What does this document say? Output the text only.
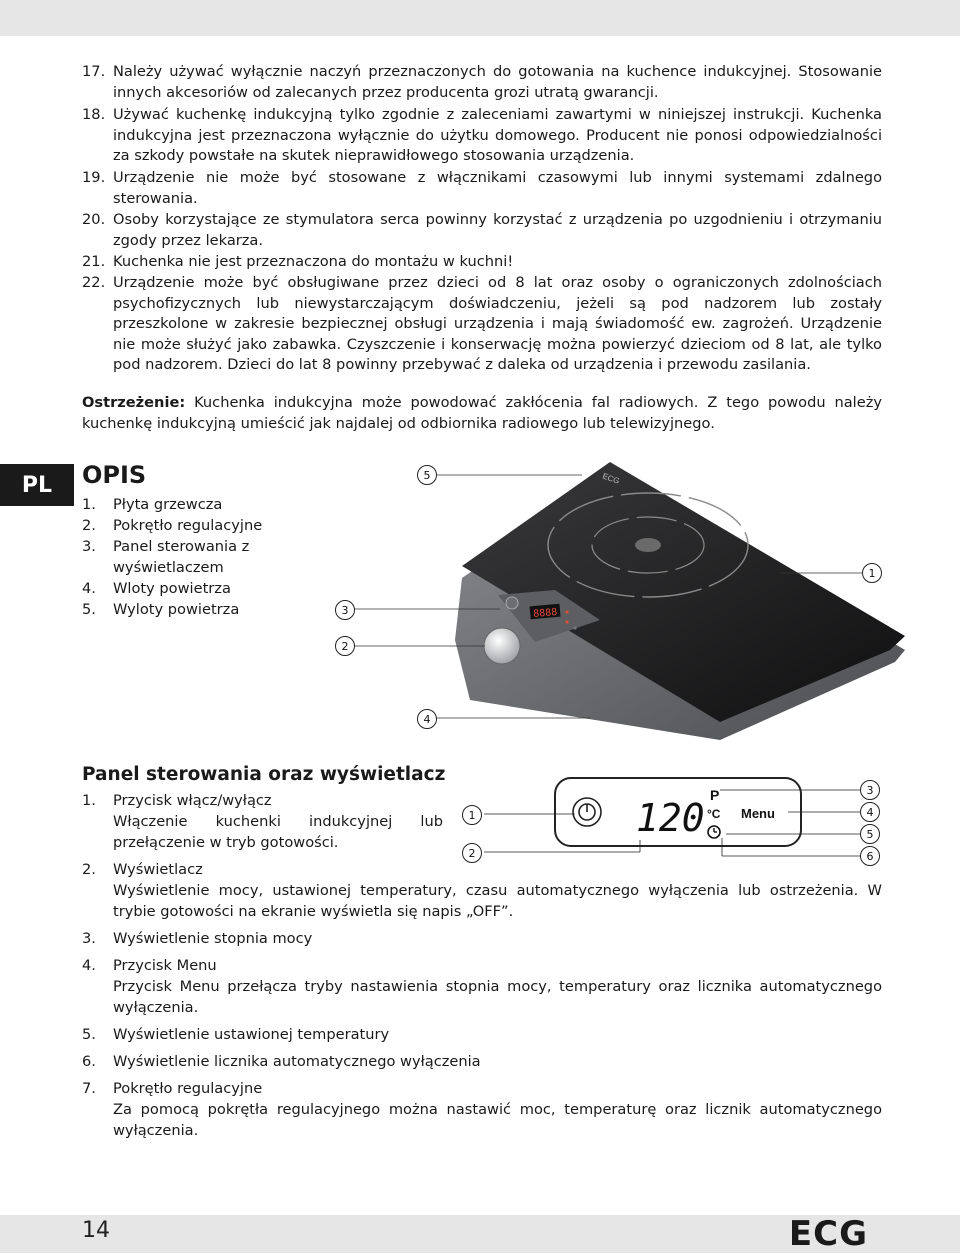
17. Należy używać wyłącznie naczyń przeznaczonych do gotowania na kuchence indukcyjnej. Stosowanie innych akcesoriów od zalecanych przez producenta grozi utratą gwarancji.
18. Używać kuchenkę indukcyjną tylko zgodnie z zaleceniami zawartymi w niniejszej instrukcji. Kuchenka indukcyjna jest przeznaczona wyłącznie do użytku domowego. Producent nie ponosi odpowiedzialności za szkody powstałe na skutek nieprawidłowego stosowania urządzenia.
19. Urządzenie nie może być stosowane z włącznikami czasowymi lub innymi systemami zdalnego sterowania.
20. Osoby korzystające ze stymulatora serca powinny korzystać z urządzenia po uzgodnieniu i otrzymaniu zgody przez lekarza.
21. Kuchenka nie jest przeznaczona do montażu w kuchni!
22. Urządzenie może być obsługiwane przez dzieci od 8 lat oraz osoby o ograniczonych zdolnościach psychofizycznych lub niewystarczającym doświadczeniu, jeżeli są pod nadzorem lub zostały przeszkolone w zakresie bezpiecznej obsługi urządzenia i mają świadomość ew. zagrożeń. Urządzenie nie może służyć jako zabawka. Czyszczenie i konserwację można powierzyć dzieciom od 8 lat, ale tylko pod nadzorem. Dzieci do lat 8 powinny przebywać z daleka od urządzenia i przewodu zasilania.
Ostrzeżenie: Kuchenka indukcyjna może powodować zakłócenia fal radiowych. Z tego powodu należy kuchenkę indukcyjną umieścić jak najdalej od odbiornika radiowego lub telewizyjnego.
PL	OPIS
1. Płyta grzewcza
2. Pokrętło regulacyjne
3. Panel sterowania z wyświetlaczem
4. Wloty powietrza
5. Wyloty powietrza
ECG
8888
5
1
3
2
4
Panel sterowania oraz wyświetlacz
1. Przycisk włącz/wyłącz
Włączenie kuchenki indukcyjnej lub przełączenie w tryb gotowości.
2. Wyświetlacz
Wyświetlenie mocy, ustawionej temperatury, czasu automatycznego wyłączenia lub ostrzeżenia. W trybie gotowości na ekranie wyświetla się napis „OFF”.
3. Wyświetlenie stopnia mocy
4. Przycisk Menu
Przycisk Menu przełącza tryby nastawienia stopnia mocy, temperatury oraz licznika automatycznego wyłączenia.
5. Wyświetlenie ustawionej temperatury
6. Wyświetlenie licznika automatycznego wyłączenia
7. Pokrętło regulacyjne
Za pomocą pokrętła regulacyjnego można nastawić moc, temperaturę oraz licznik automatycznego wyłączenia.
120
P
°C Menu
1
2
3
4
5
6
14	ECG
